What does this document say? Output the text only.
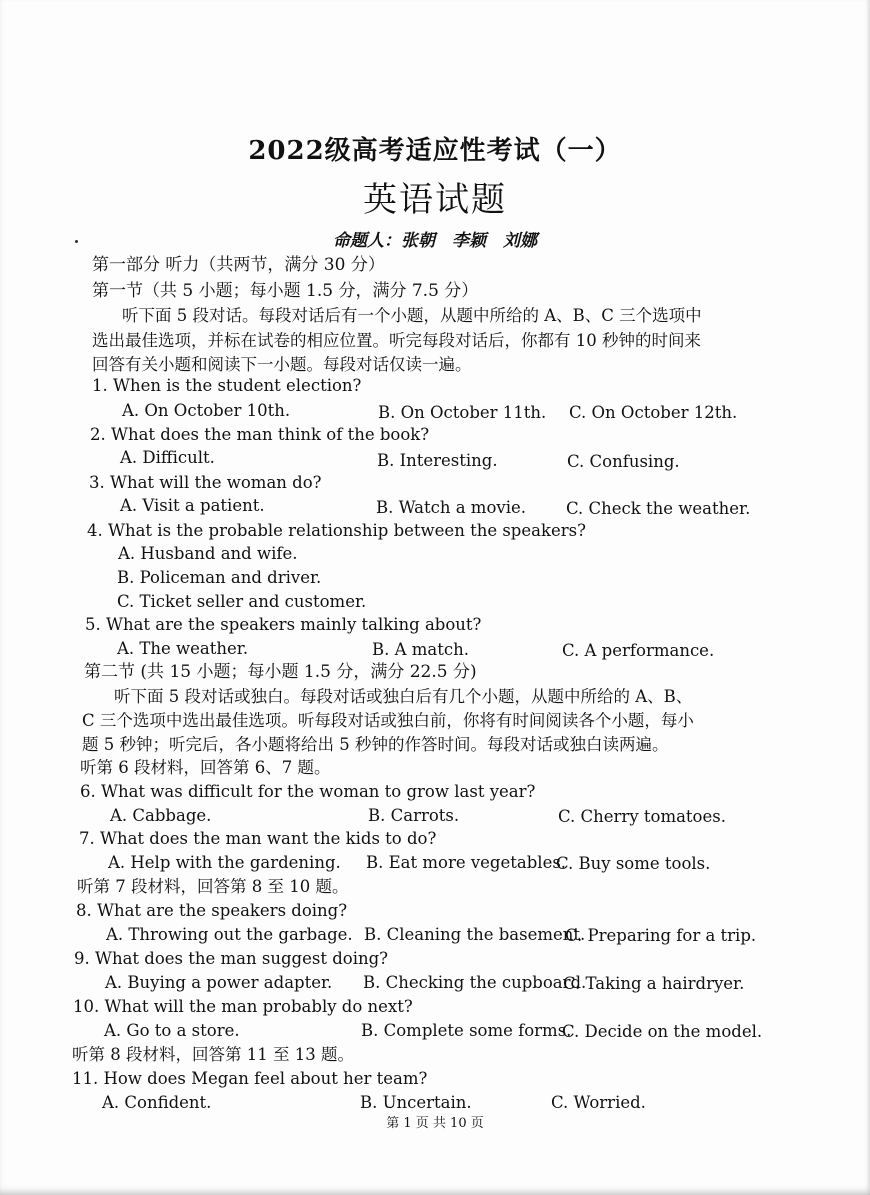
2022级高考适应性考试（一）
英语试题
命题人：张朝　李颖　刘娜
第一部分 听力（共两节，满分 30 分）
第一节（共 5 小题；每小题 1.5 分，满分 7.5 分）
听下面 5 段对话。每段对话后有一个小题，从题中所给的 A、B、C 三个选项中
选出最佳选项，并标在试卷的相应位置。听完每段对话后，你都有 10 秒钟的时间来
回答有关小题和阅读下一小题。每段对话仅读一遍。
1. When is the student election?
A. On October 10th.	B. On October 11th. C. On October 12th.
2. What does the man think of the book?
A. Difficult.	B. Interesting.	C. Confusing.
3. What will the woman do?
A. Visit a patient.	B. Watch a movie. C. Check the weather.
4. What is the probable relationship between the speakers?
A. Husband and wife.
B. Policeman and driver.
C. Ticket seller and customer.
5. What are the speakers mainly talking about?
A. The weather.	B. A match.	C. A performance.
第二节 (共 15 小题；每小题 1.5 分，满分 22.5 分)
听下面 5 段对话或独白。每段对话或独白后有几个小题，从题中所给的 A、B、
C 三个选项中选出最佳选项。听每段对话或独白前，你将有时间阅读各个小题，每小
题 5 秒钟；听完后，各小题将给出 5 秒钟的作答时间。每段对话或独白读两遍。
听第 6 段材料，回答第 6、7 题。
6. What was difficult for the woman to grow last year?
A. Cabbage.	B. Carrots.	C. Cherry tomatoes.
7. What does the man want the kids to do?
A. Help with the gardening. B. Eat more vegetables.
C. Buy some tools.
听第 7 段材料，回答第 8 至 10 题。
8. What are the speakers doing?
A. Throwing out the garbage. B. Cleaning the basement.
C. Preparing for a trip.
9. What does the man suggest doing?
A. Buying a power adapter. B. Checking the cupboard.
C. Taking a hairdryer.
10. What will the man probably do next?
A. Go to a store.	B. Complete some forms.
C. Decide on the model.
听第 8 段材料，回答第 11 至 13 题。
11. How does Megan feel about her team?
A. Confident.	B. Uncertain.	C. Worried.
第 1 页 共 10 页
